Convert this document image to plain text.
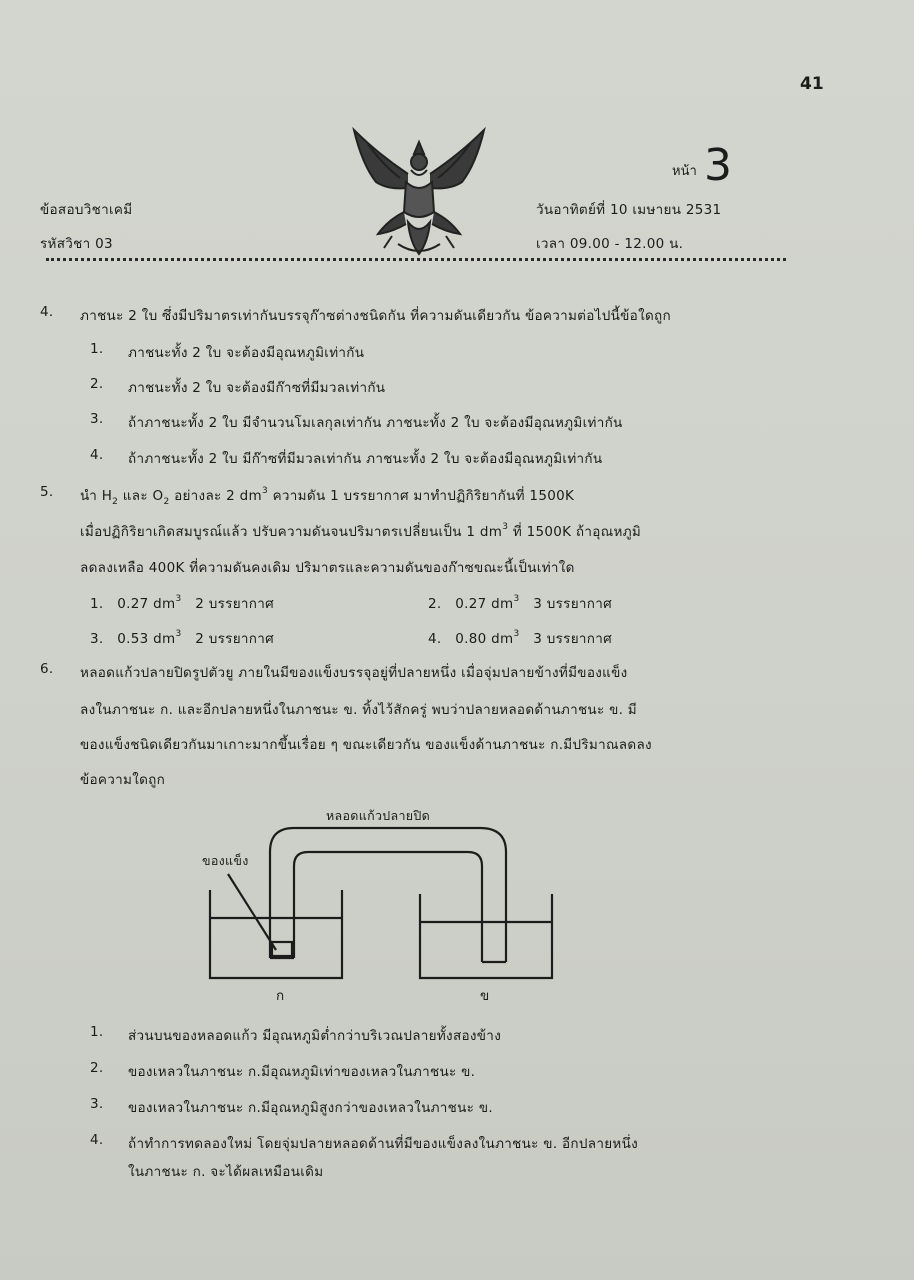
41
หน้า 3
ข้อสอบวิชาเคมี
รหัสวิชา 03
วันอาทิตย์ที่ 10 เมษายน 2531
เวลา 09.00 - 12.00 น.
4. ภาชนะ 2 ใบ ซึ่งมีปริมาตรเท่ากันบรรจุก๊าซต่างชนิดกัน ที่ความดันเดียวกัน ข้อความต่อไปนี้ข้อใดถูก
1. ภาชนะทั้ง 2 ใบ จะต้องมีอุณหภูมิเท่ากัน
2. ภาชนะทั้ง 2 ใบ จะต้องมีก๊าซที่มีมวลเท่ากัน
3. ถ้าภาชนะทั้ง 2 ใบ มีจำนวนโมเลกุลเท่ากัน ภาชนะทั้ง 2 ใบ จะต้องมีอุณหภูมิเท่ากัน
4. ถ้าภาชนะทั้ง 2 ใบ มีก๊าซที่มีมวลเท่ากัน ภาชนะทั้ง 2 ใบ จะต้องมีอุณหภูมิเท่ากัน
5. นำ $H_2$ และ $O_2$ อย่างละ 2 $dm^3$ ความดัน 1 บรรยากาศ มาทำปฏิกิริยากันที่ 1500K
เมื่อปฏิกิริยาเกิดสมบูรณ์แล้ว ปรับความดันจนปริมาตรเปลี่ยนเป็น 1 $dm^3$ ที่ 1500K ถ้าอุณหภูมิ
ลดลงเหลือ 400K ที่ความดันคงเดิม ปริมาตรและความดันของก๊าซขณะนี้เป็นเท่าใด
1. 0.27 $dm^3$ 2 บรรยากาศ	2. 0.27 $dm^3$ 3 บรรยากาศ
3. 0.53 $dm^3$ 2 บรรยากาศ	4. 0.80 $dm^3$ 3 บรรยากาศ
6. หลอดแก้วปลายปิดรูปตัวยู ภายในมีของแข็งบรรจุอยู่ที่ปลายหนึ่ง เมื่อจุ่มปลายข้างที่มีของแข็ง
ลงในภาชนะ ก. และอีกปลายหนึ่งในภาชนะ ข. ทิ้งไว้สักครู่ พบว่าปลายหลอดด้านภาชนะ ข. มี
ของแข็งชนิดเดียวกันมาเกาะมากขึ้นเรื่อย ๆ ขณะเดียวกัน ของแข็งด้านภาชนะ ก.มีปริมาณลดลง
ข้อความใดถูก
หลอดแก้วปลายปิด
ของแข็ง
ก	ข
1. ส่วนบนของหลอดแก้ว มีอุณหภูมิต่ำกว่าบริเวณปลายทั้งสองข้าง
2. ของเหลวในภาชนะ ก.มีอุณหภูมิเท่าของเหลวในภาชนะ ข.
3. ของเหลวในภาชนะ ก.มีอุณหภูมิสูงกว่าของเหลวในภาชนะ ข.
4. ถ้าทำการทดลองใหม่ โดยจุ่มปลายหลอดด้านที่มีของแข็งลงในภาชนะ ข. อีกปลายหนึ่ง
ในภาชนะ ก. จะได้ผลเหมือนเดิม
